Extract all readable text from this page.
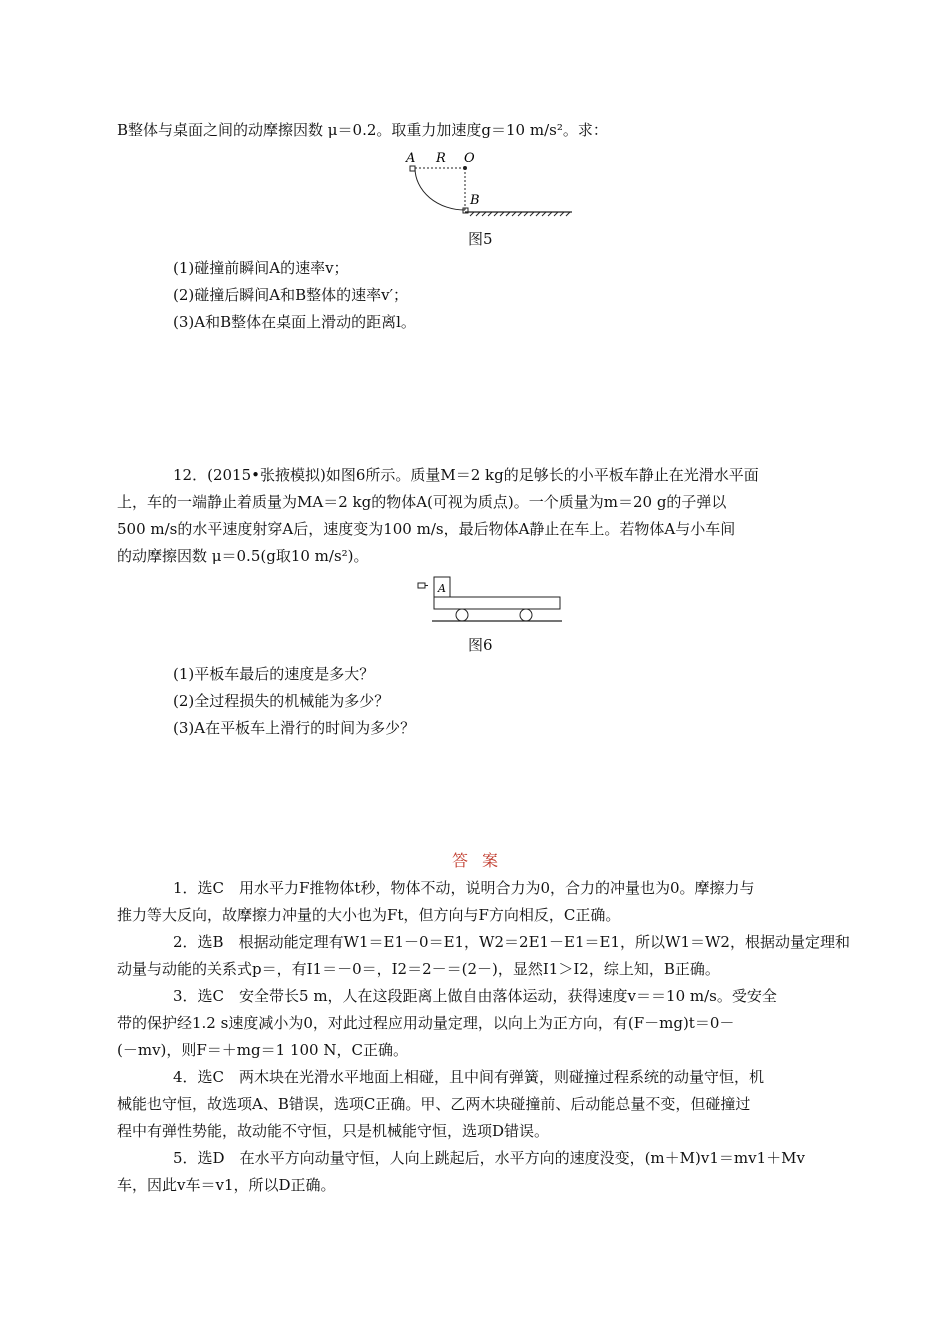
B整体与桌面之间的动摩擦因数 μ＝0.2。取重力加速度g＝10 m/s²。求：
A R O
B
图5
(1)碰撞前瞬间A的速率v；
(2)碰撞后瞬间A和B整体的速率v′；
(3)A和B整体在桌面上滑动的距离l。
12．(2015•张掖模拟)如图6所示。质量M＝2 kg的足够长的小平板车静止在光滑水平面
上，车的一端静止着质量为MA＝2 kg的物体A(可视为质点)。一个质量为m＝20 g的子弹以
500 m/s的水平速度射穿A后，速度变为100 m/s，最后物体A静止在车上。若物体A与小车间
的动摩擦因数 μ＝0.5(g取10 m/s²)。
A
图6
(1)平板车最后的速度是多大？
(2)全过程损失的机械能为多少？
(3)A在平板车上滑行的时间为多少？
答案
1．选C　用水平力F推物体t秒，物体不动，说明合力为0，合力的冲量也为0。摩擦力与
推力等大反向，故摩擦力冲量的大小也为Ft，但方向与F方向相反，C正确。
2．选B　根据动能定理有W1＝E1－0＝E1，W2＝2E1－E1＝E1，所以W1＝W2，根据动量定理和
动量与动能的关系式p＝，有I1＝－0＝，I2＝2－＝(2－)，显然I1＞I2，综上知，B正确。
3．选C　安全带长5 m，人在这段距离上做自由落体运动，获得速度v＝＝10 m/s。受安全
带的保护经1.2 s速度减小为0，对此过程应用动量定理，以向上为正方向，有(F－mg)t＝0－
(－mv)，则F＝＋mg＝1 100 N，C正确。
4．选C　两木块在光滑水平地面上相碰，且中间有弹簧，则碰撞过程系统的动量守恒，机
械能也守恒，故选项A、B错误，选项C正确。甲、乙两木块碰撞前、后动能总量不变，但碰撞过
程中有弹性势能，故动能不守恒，只是机械能守恒，选项D错误。
5．选D　在水平方向动量守恒，人向上跳起后，水平方向的速度没变，(m＋M)v1＝mv1＋Mv
车，因此v车＝v1，所以D正确。
